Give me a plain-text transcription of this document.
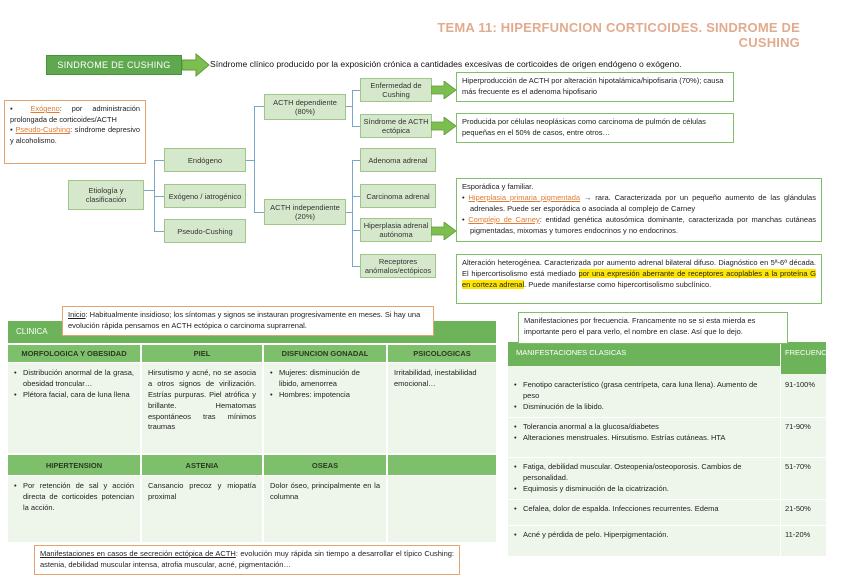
TEMA 11: HIPERFUNCION CORTICOIDES. SINDROME DE CUSHING
SINDROME DE CUSHING	Síndrome clínico producido por la exposición crónica a cantidades excesivas de corticoides de origen endógeno o exógeno.
▪ Exógeno: por administración prolongada de corticoides/ACTH
▪ Pseudo-Cushing: síndrome depresivo y alcoholismo.
Etiología y clasificación
Endógeno
Exógeno / iatrogénico
Pseudo-Cushing
ACTH dependiente (80%)
ACTH independiente (20%)
Enfermedad de Cushing
Síndrome de ACTH ectópica
Adenoma adrenal
Carcinoma adrenal
Hiperplasia adrenal autónoma
Receptores anómalos/ectópicos
Hiperproducción de ACTH por alteración hipotalámica/hipofisaria (70%); causa más frecuente es el adenoma hipofisario
Producida por células neoplásicas como carcinoma de pulmón de células pequeñas en el 50% de casos, entre otros…
Esporádica y familiar.
• Hiperplasia primaria pigmentada → rara. Caracterizada por un pequeño aumento de las glándulas adrenales. Puede ser esporádica o asociada al complejo de Carney
• Complejo de Carney: entidad genética autosómica dominante, caracterizada por manchas cutáneas pigmentadas, mixomas y tumores endocrinos y no endocrinos.
Alteración heterogénea. Caracterizada por aumento adrenal bilateral difuso. Diagnóstico en 5ª-6ª década. El hipercortisolismo está mediado por una expresión aberrante de receptores acoplables a la proteína G en corteza adrenal. Puede manifestarse como hipercortisolismo subclínico.
CLINICA
Inicio: Habitualmente insidioso; los síntomas y signos se instauran progresivamente en meses. Si hay una evolución rápida pensamos en ACTH ectópica o carcinoma suprarrenal.
MORFOLOGICA Y OBESIDAD	PIEL	DISFUNCION GONADAL	PSICOLOGICAS
• Distribución anormal de la grasa, obesidad troncular…
• Plétora facial, cara de luna llena
Hirsutismo y acné, no se asocia a otros signos de virilización. Estrías purpuras. Piel atrófica y brillante. Hematomas espontáneos tras mínimos traumas
• Mujeres: disminución de libido, amenorrea
• Hombres: impotencia
Irritabilidad, inestabilidad emocional…
HIPERTENSION	ASTENIA	OSEAS
• Por retención de sal y acción directa de corticoides potencian la acción.
Cansancio precoz y miopatía proximal
Dolor óseo, principalmente en la columna
Manifestaciones en casos de secreción ectópica de ACTH: evolución muy rápida sin tiempo a desarrollar el típico Cushing: astenia, debilidad muscular intensa, atrofia muscular, acné, pigmentación…
MANIFESTACIONES CLASICAS	FRECUENCIA
• Fenotipo característico (grasa centrípeta, cara luna llena). Aumento de peso
• Disminución de la libido.
91-100%
• Tolerancia anormal a la glucosa/diabetes
• Alteraciones menstruales. Hirsutismo. Estrías cutáneas. HTA
71-90%
• Fatiga, debilidad muscular. Osteopenia/osteoporosis. Cambios de personalidad.
• Equimosis y disminución de la cicatrización.
51-70%
• Cefalea, dolor de espalda. Infecciones recurrentes. Edema	21-50%
• Acné y pérdida de pelo. Hiperpigmentación.	11-20%
Manifestaciones por frecuencia. Francamente no se si esta mierda es importante pero el para verlo, el nombre en clase. Así que lo dejo.
